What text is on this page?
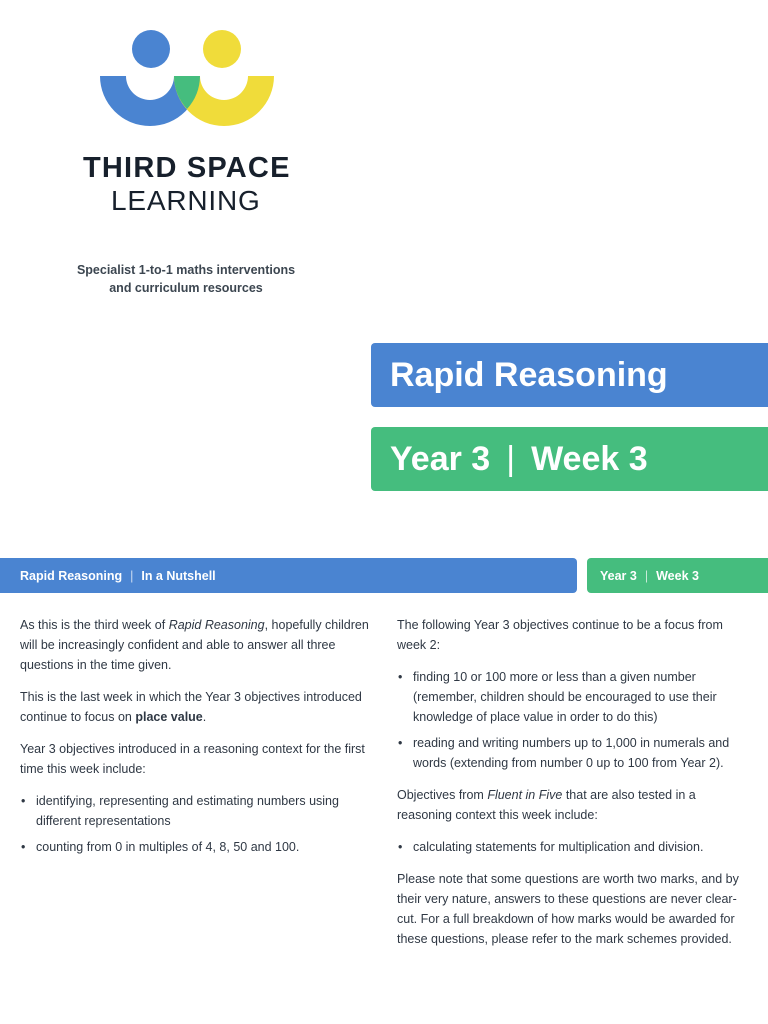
THIRD SPACE
LEARNING
Specialist 1-to-1 maths interventions
and curriculum resources
Rapid Reasoning
Year 3 | Week 3
Rapid Reasoning | In a Nutshell	Year 3 | Week 3

As this is the third week of Rapid Reasoning, hopefully children will be increasingly confident and able to answer all three questions in the time given.

This is the last week in which the Year 3 objectives introduced continue to focus on place value.

Year 3 objectives introduced in a reasoning context for the first time this week include:

• identifying, representing and estimating numbers using different representations
• counting from 0 in multiples of 4, 8, 50 and 100.

The following Year 3 objectives continue to be a focus from week 2:

• finding 10 or 100 more or less than a given number (remember, children should be encouraged to use their knowledge of place value in order to do this)
• reading and writing numbers up to 1,000 in numerals and words (extending from number 0 up to 100 from Year 2).

Objectives from Fluent in Five that are also tested in a reasoning context this week include:

• calculating statements for multiplication and division.

Please note that some questions are worth two marks, and by their very nature, answers to these questions are never clear-cut. For a full breakdown of how marks would be awarded for these questions, please refer to the mark schemes provided.
